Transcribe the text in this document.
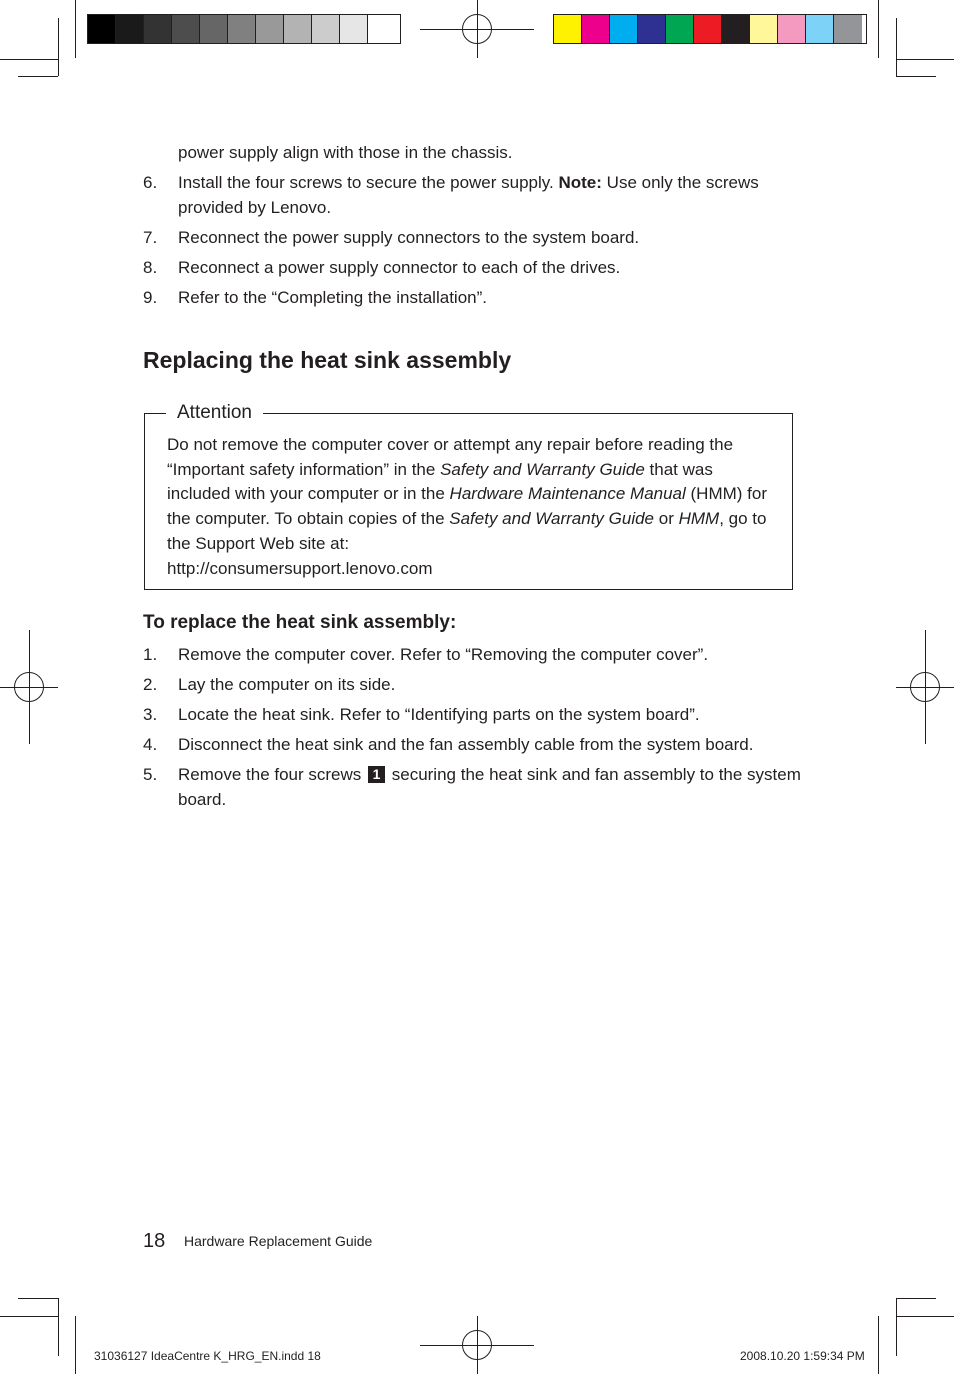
power supply align with those in the chassis.
6.	Install the four screws to secure the power supply. Note: Use only the screws provided by Lenovo.
7.	Reconnect the power supply connectors to the system board.
8.	Reconnect a power supply connector to each of the drives.
9.	Refer to the “Completing the installation”.
Replacing the heat sink assembly
Attention
Do not remove the computer cover or attempt any repair before reading the “Important safety information” in the Safety and Warranty Guide that was included with your computer or in the Hardware Maintenance Manual (HMM) for the computer. To obtain copies of the Safety and Warranty Guide or HMM, go to the Support Web site at:
http://consumersupport.lenovo.com
To replace the heat sink assembly:
1.	Remove the computer cover. Refer to “Removing the computer cover”.
2.	Lay the computer on its side.
3.	Locate the heat sink. Refer to “Identifying parts on the system board”.
4.	Disconnect the heat sink and the fan assembly cable from the system board.
5.	Remove the four screws 1 securing the heat sink and fan assembly to the system board.
18 Hardware Replacement Guide
31036127 IdeaCentre K_HRG_EN.indd 18	2008.10.20 1:59:34 PM
